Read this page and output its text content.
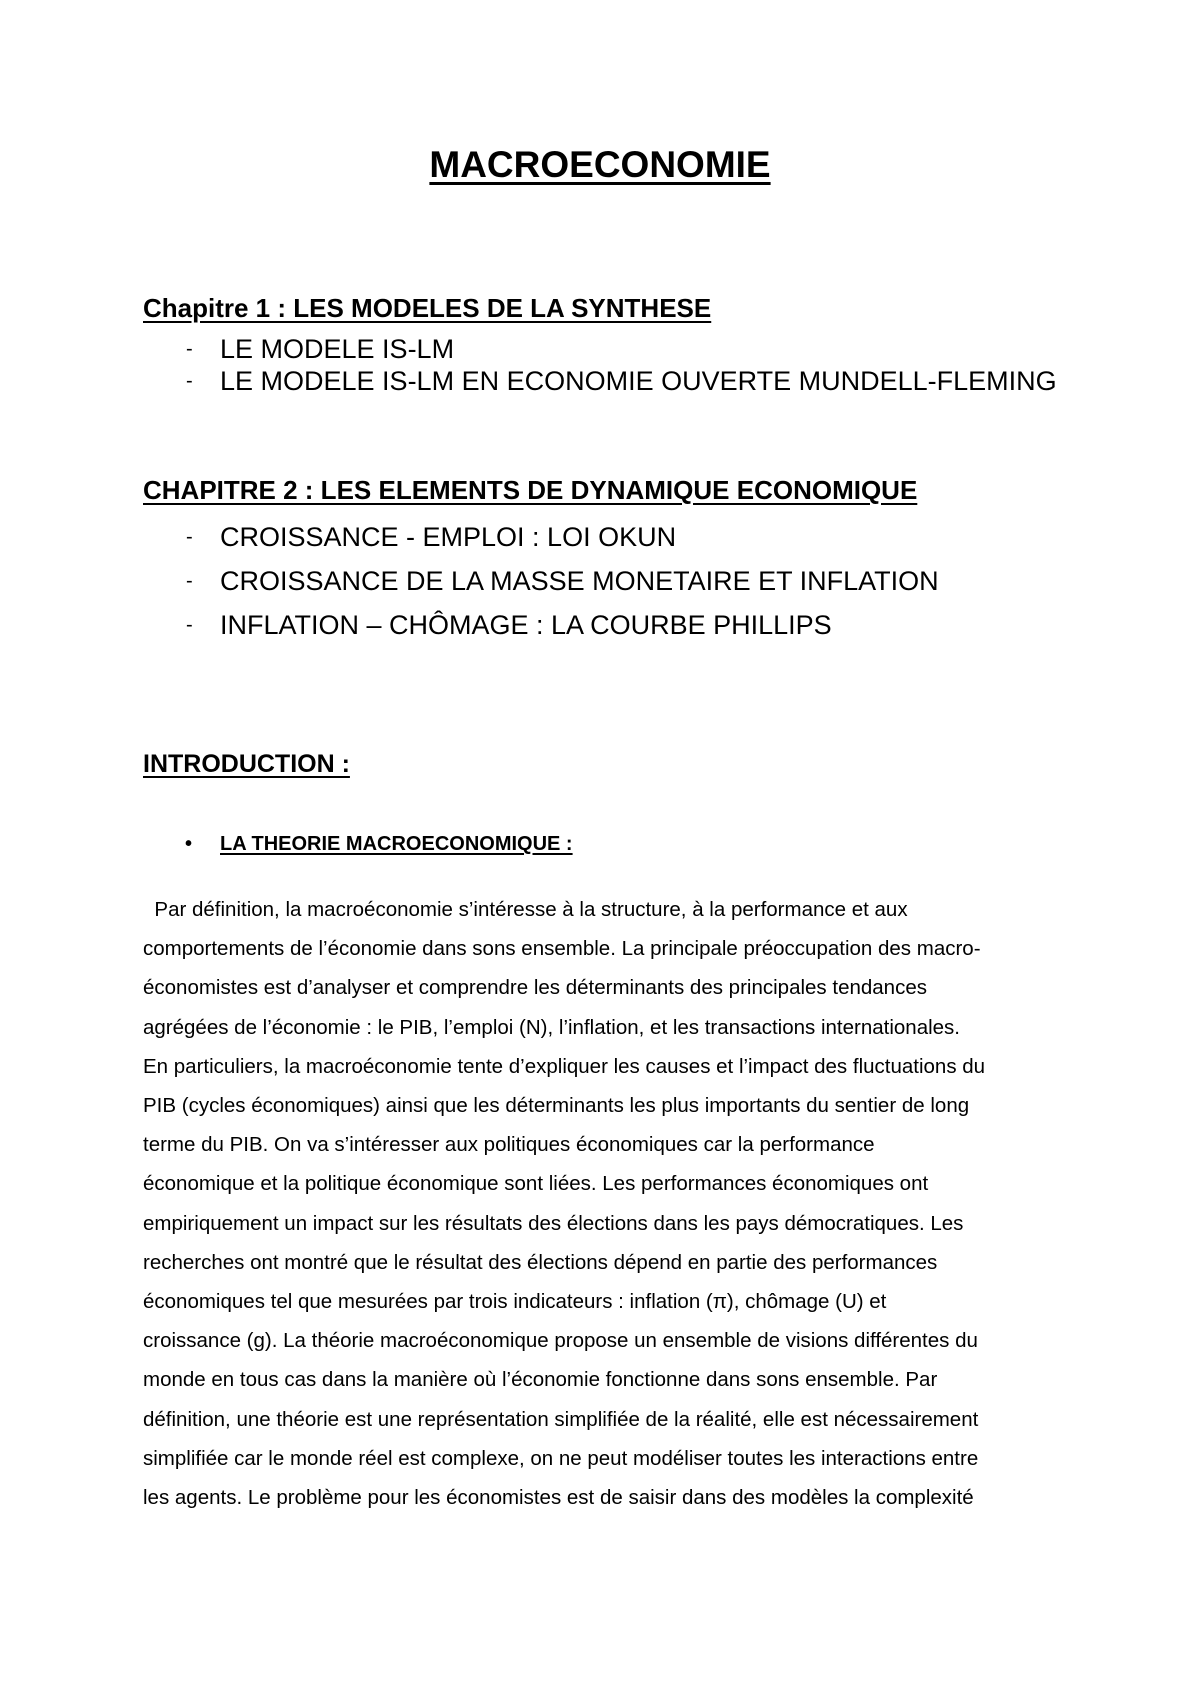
MACROECONOMIE
Chapitre 1 : LES MODELES DE LA SYNTHESE
- LE MODELE IS-LM
- LE MODELE IS-LM EN ECONOMIE OUVERTE MUNDELL-FLEMING
CHAPITRE 2 : LES ELEMENTS DE DYNAMIQUE ECONOMIQUE
- CROISSANCE - EMPLOI : LOI OKUN
- CROISSANCE DE LA MASSE MONETAIRE ET INFLATION
- INFLATION – CHÔMAGE : LA COURBE PHILLIPS
INTRODUCTION :
• LA THEORIE MACROECONOMIQUE :

Par définition, la macroéconomie s’intéresse à la structure, à la performance et aux
comportements de l’économie dans sons ensemble. La principale préoccupation des macro-
économistes est d’analyser et comprendre les déterminants des principales tendances
agrégées de l’économie : le PIB, l’emploi (N), l’inflation, et les transactions internationales.
En particuliers, la macroéconomie tente d’expliquer les causes et l’impact des fluctuations du
PIB (cycles économiques) ainsi que les déterminants les plus importants du sentier de long
terme du PIB. On va s’intéresser aux politiques économiques car la performance
économique et la politique économique sont liées. Les performances économiques ont
empiriquement un impact sur les résultats des élections dans les pays démocratiques. Les
recherches ont montré que le résultat des élections dépend en partie des performances
économiques tel que mesurées par trois indicateurs : inflation (π), chômage (U) et
croissance (g). La théorie macroéconomique propose un ensemble de visions différentes du
monde en tous cas dans la manière où l’économie fonctionne dans sons ensemble. Par
définition, une théorie est une représentation simplifiée de la réalité, elle est nécessairement
simplifiée car le monde réel est complexe, on ne peut modéliser toutes les interactions entre
les agents. Le problème pour les économistes est de saisir dans des modèles la complexité
